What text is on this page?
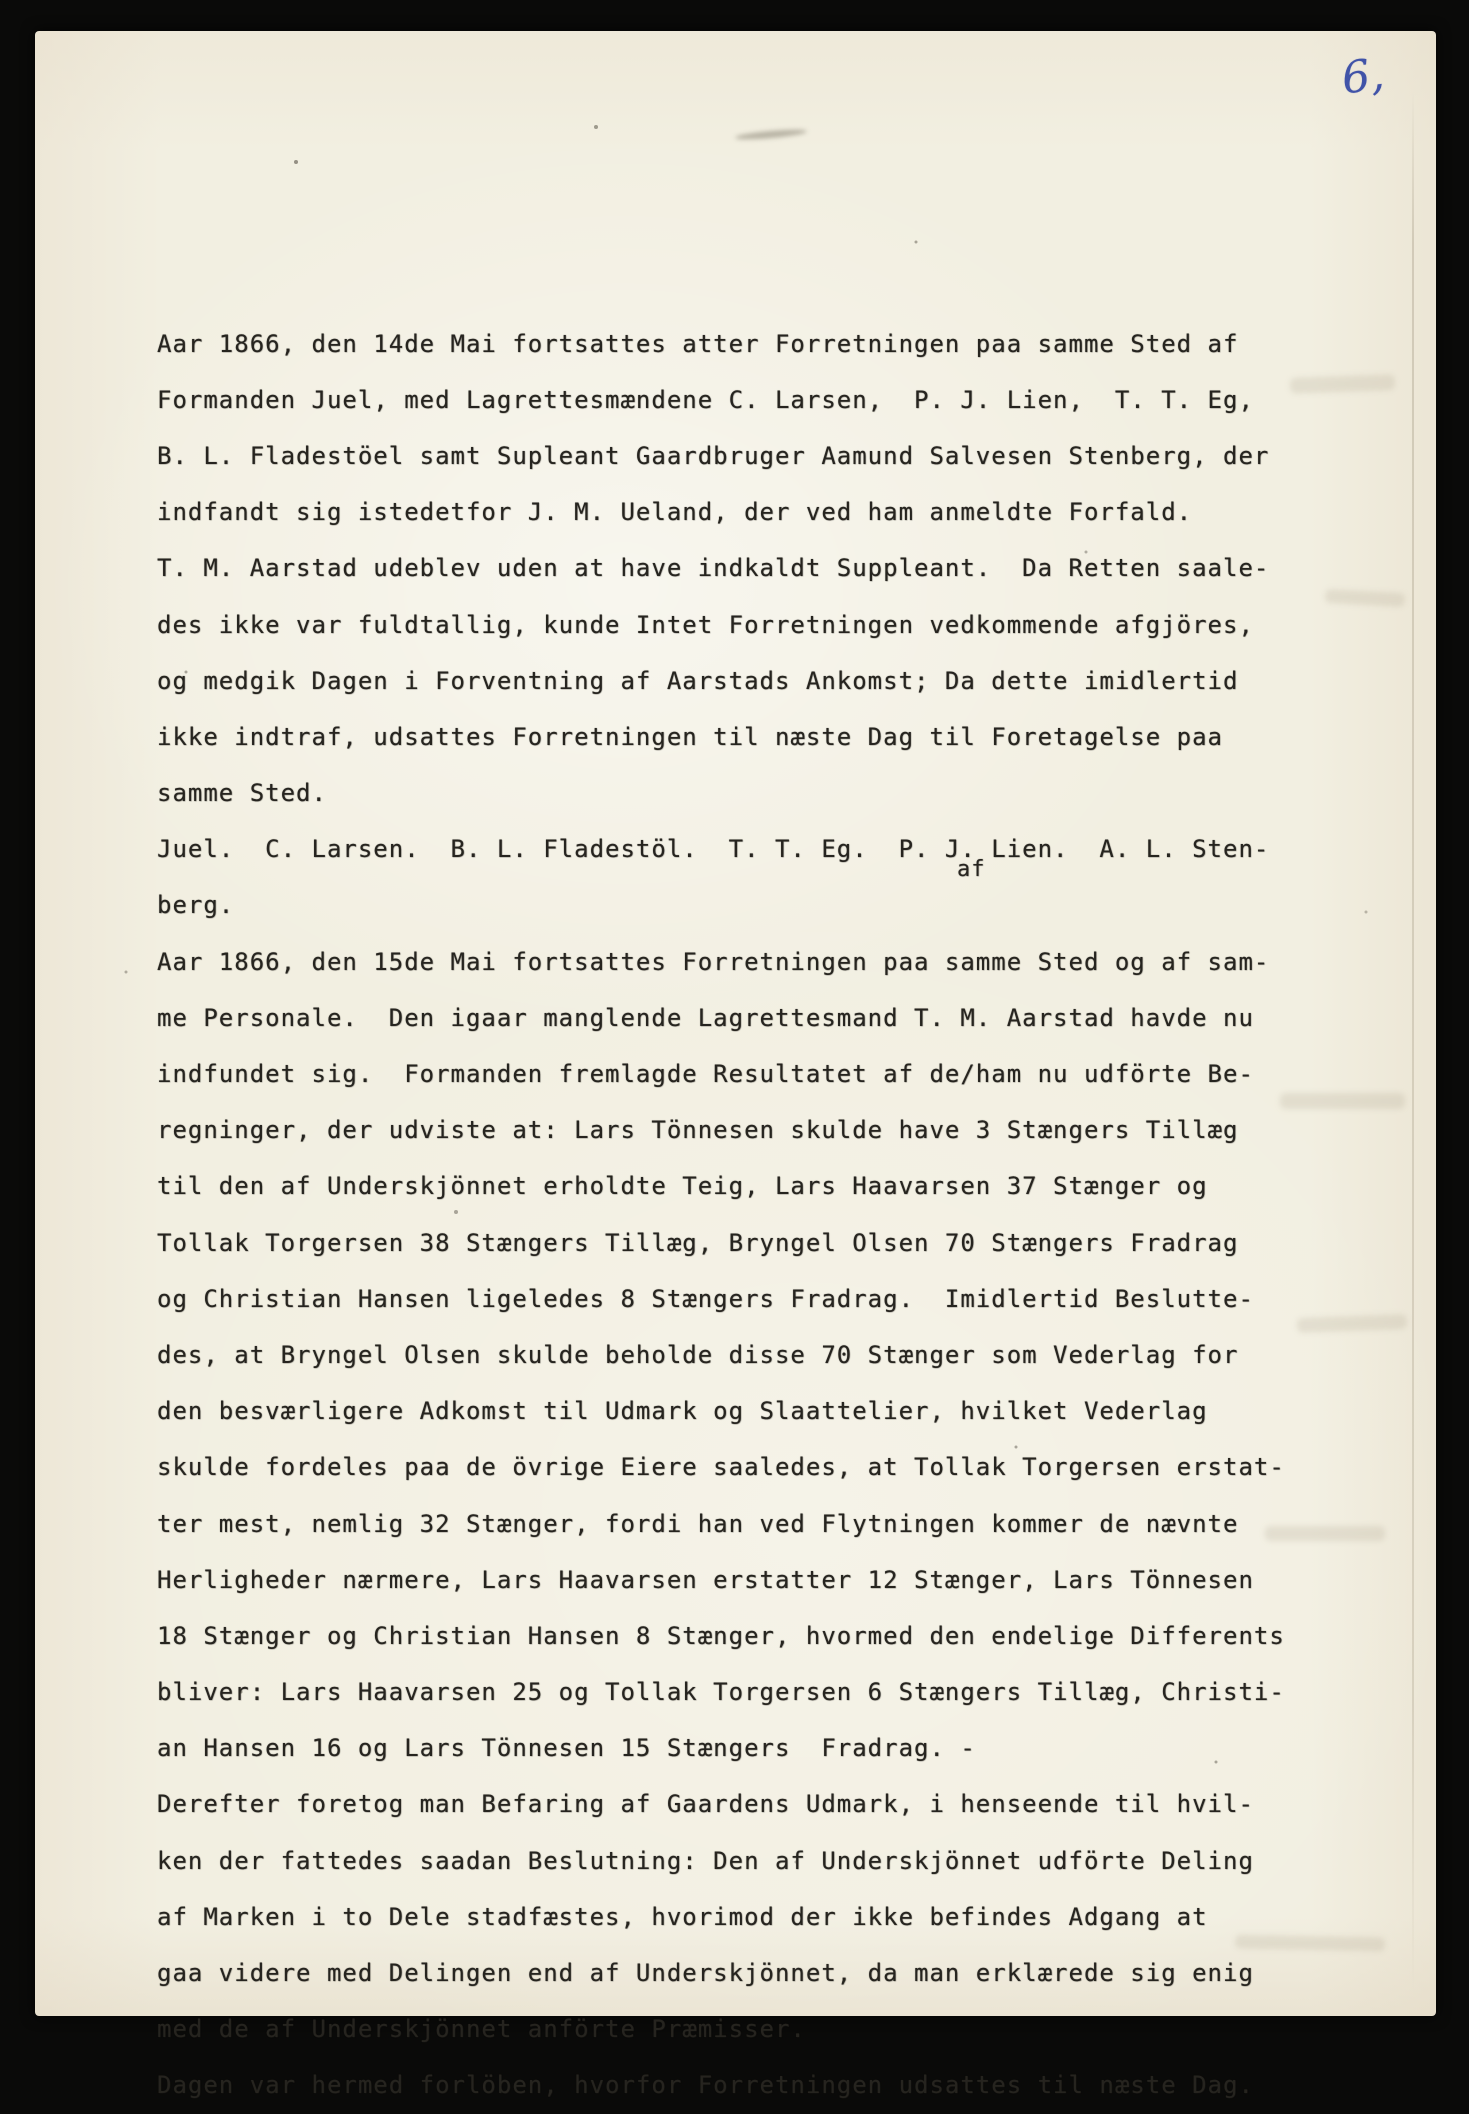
6,

af

Aar 1866, den 14de Mai fortsattes atter Forretningen paa samme Sted af
Formanden Juel, med Lagrettesmændene C. Larsen,  P. J. Lien,  T. T. Eg,
B. L. Fladestöel samt Supleant Gaardbruger Aamund Salvesen Stenberg, der
indfandt sig istedetfor J. M. Ueland, der ved ham anmeldte Forfald.
T. M. Aarstad udeblev uden at have indkaldt Suppleant.  Da Retten saale-
des ikke var fuldtallig, kunde Intet Forretningen vedkommende afgjöres,
og medgik Dagen i Forventning af Aarstads Ankomst; Da dette imidlertid
ikke indtraf, udsattes Forretningen til næste Dag til Foretagelse paa
samme Sted.
Juel.  C. Larsen.  B. L. Fladestöl.  T. T. Eg.  P. J. Lien.  A. L. Sten-
berg.
Aar 1866, den 15de Mai fortsattes Forretningen paa samme Sted og af sam-
me Personale.  Den igaar manglende Lagrettesmand T. M. Aarstad havde nu
indfundet sig.  Formanden fremlagde Resultatet af de/ham nu udförte Be-
regninger, der udviste at: Lars Tönnesen skulde have 3 Stængers Tillæg
til den af Underskjönnet erholdte Teig, Lars Haavarsen 37 Stænger og
Tollak Torgersen 38 Stængers Tillæg, Bryngel Olsen 70 Stængers Fradrag
og Christian Hansen ligeledes 8 Stængers Fradrag.  Imidlertid Beslutte-
des, at Bryngel Olsen skulde beholde disse 70 Stænger som Vederlag for
den besværligere Adkomst til Udmark og Slaattelier, hvilket Vederlag
skulde fordeles paa de övrige Eiere saaledes, at Tollak Torgersen erstat-
ter mest, nemlig 32 Stænger, fordi han ved Flytningen kommer de nævnte
Herligheder nærmere, Lars Haavarsen erstatter 12 Stænger, Lars Tönnesen
18 Stænger og Christian Hansen 8 Stænger, hvormed den endelige Differents
bliver: Lars Haavarsen 25 og Tollak Torgersen 6 Stængers Tillæg, Christi-
an Hansen 16 og Lars Tönnesen 15 Stængers  Fradrag. -
Derefter foretog man Befaring af Gaardens Udmark, i henseende til hvil-
ken der fattedes saadan Beslutning: Den af Underskjönnet udförte Deling
af Marken i to Dele stadfæstes, hvorimod der ikke befindes Adgang at
gaa videre med Delingen end af Underskjönnet, da man erklærede sig enig
med de af Underskjönnet anförte Præmisser.
Dagen var hermed forlöben, hvorfor Forretningen udsattes til næste Dag.
